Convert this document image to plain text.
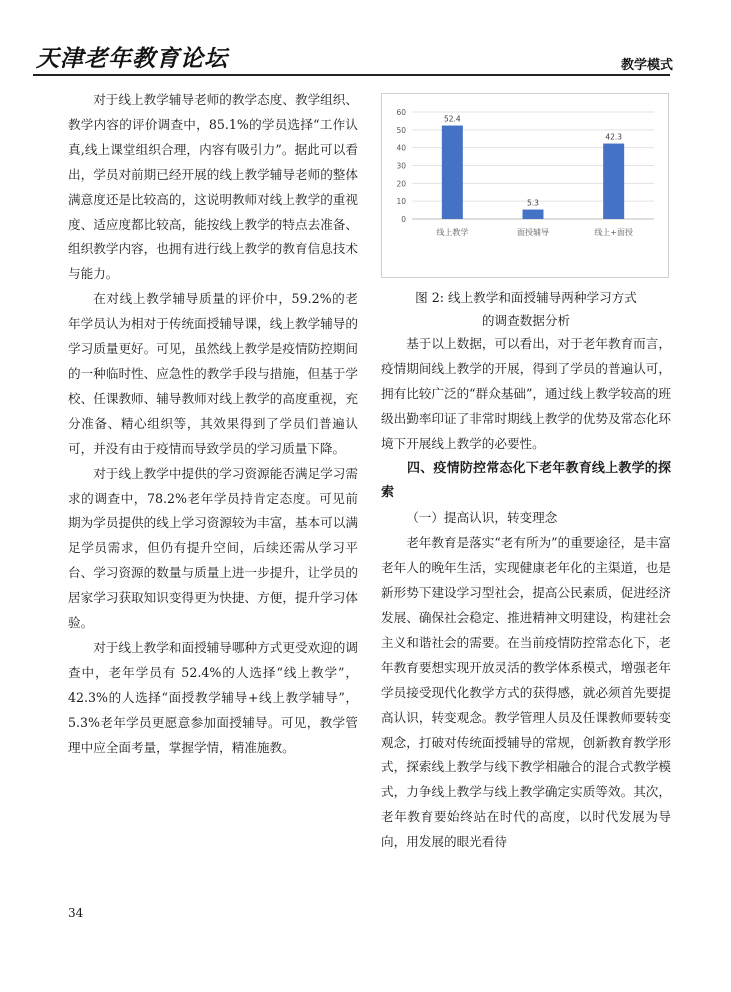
天津老年教育论坛	教学模式

对于线上教学辅导老师的教学态度、教学组织、教学内容的评价调查中，85.1%的学员选择“工作认真,线上课堂组织合理，内容有吸引力”。据此可以看出，学员对前期已经开展的线上教学辅导老师的整体满意度还是比较高的，这说明教师对线上教学的重视度、适应度都比较高，能按线上教学的特点去准备、组织教学内容，也拥有进行线上教学的教育信息技术与能力。

在对线上教学辅导质量的评价中，59.2%的老年学员认为相对于传统面授辅导课，线上教学辅导的学习质量更好。可见，虽然线上教学是疫情防控期间的一种临时性、应急性的教学手段与措施，但基于学校、任课教师、辅导教师对线上教学的高度重视，充分准备、精心组织等，其效果得到了学员们普遍认可，并没有由于疫情而导致学员的学习质量下降。

对于线上教学中提供的学习资源能否满足学习需求的调查中，78.2%老年学员持肯定态度。可见前期为学员提供的线上学习资源较为丰富，基本可以满足学员需求，但仍有提升空间，后续还需从学习平台、学习资源的数量与质量上进一步提升，让学员的居家学习获取知识变得更为快捷、方便，提升学习体验。

对于线上教学和面授辅导哪种方式更受欢迎的调查中，老年学员有 52.4%的人选择“线上教学”，42.3%的人选择“面授教学辅导+线上教学辅导”，5.3%老年学员更愿意参加面授辅导。可见，教学管理中应全面考量，掌握学情，精准施教。

0
10
20
30
40
50
60
52.4
线上教学
5.3
面授辅导
42.3
线上+面授
图 2: 线上教学和面授辅导两种学习方式
的调查数据分析

基于以上数据，可以看出，对于老年教育而言，疫情期间线上教学的开展，得到了学员的普遍认可，拥有比较广泛的“群众基础”，通过线上教学较高的班级出勤率印证了非常时期线上教学的优势及常态化环境下开展线上教学的必要性。

四、疫情防控常态化下老年教育线上教学的探索
（一）提高认识，转变理念

老年教育是落实“老有所为”的重要途径，是丰富老年人的晚年生活，实现健康老年化的主渠道，也是新形势下建设学习型社会，提高公民素质，促进经济发展、确保社会稳定、推进精神文明建设，构建社会主义和谐社会的需要。在当前疫情防控常态化下，老年教育要想实现开放灵活的教学体系模式，增强老年学员接受现代化教学方式的获得感，就必须首先要提高认识，转变观念。教学管理人员及任课教师要转变观念，打破对传统面授辅导的常规，创新教育教学形式，探索线上教学与线下教学相融合的混合式教学模式，力争线上教学与线上教学确定实质等效。其次，老年教育要始终站在时代的高度，以时代发展为导向，用发展的眼光看待

34
